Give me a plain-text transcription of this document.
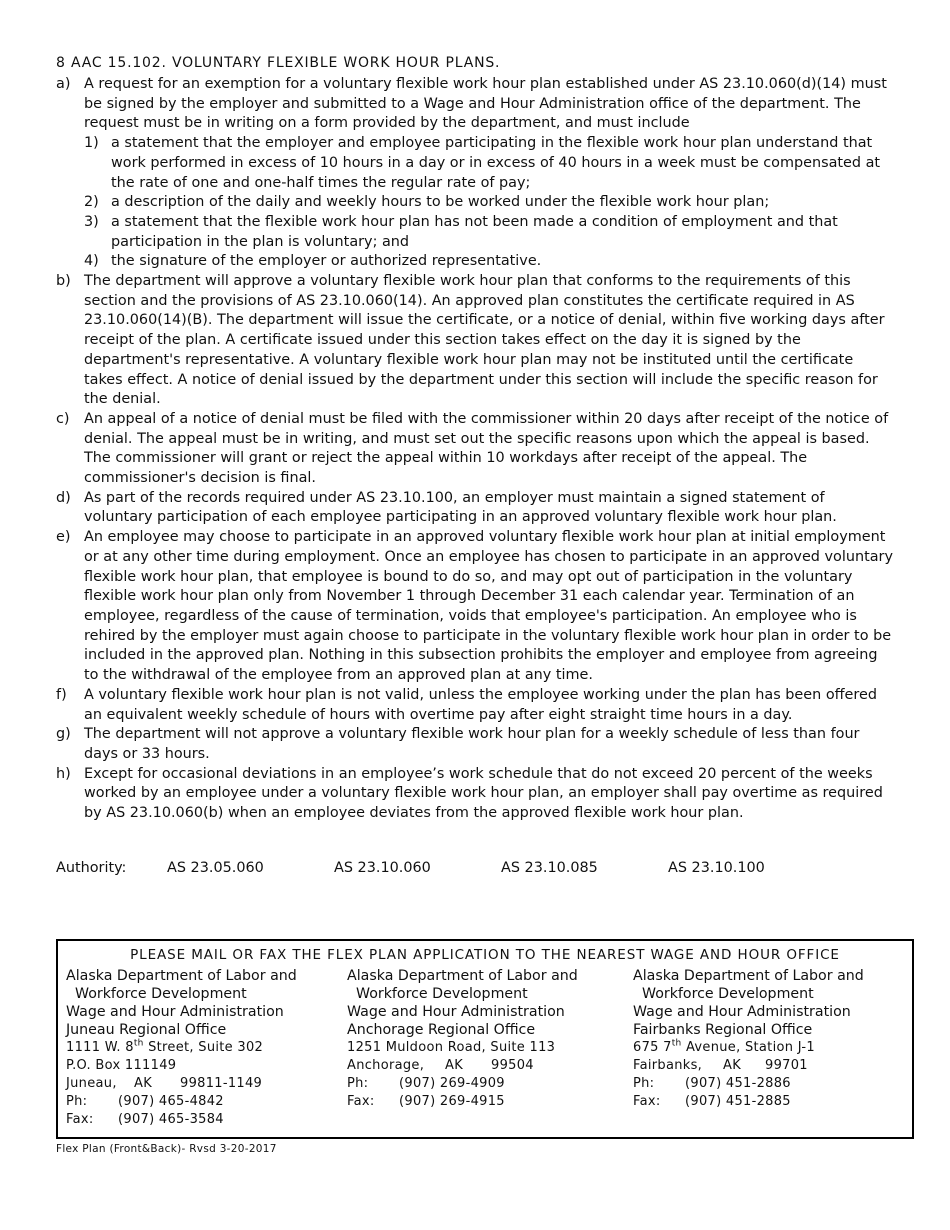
8 AAC 15.102. VOLUNTARY FLEXIBLE WORK HOUR PLANS.
a) A request for an exemption for a voluntary flexible work hour plan established under AS 23.10.060(d)(14) must be signed by the employer and submitted to a Wage and Hour Administration office of the department. The request must be in writing on a form provided by the department, and must include
1) a statement that the employer and employee participating in the flexible work hour plan understand that work performed in excess of 10 hours in a day or in excess of 40 hours in a week must be compensated at the rate of one and one-half times the regular rate of pay;
2) a description of the daily and weekly hours to be worked under the flexible work hour plan;
3) a statement that the flexible work hour plan has not been made a condition of employment and that participation in the plan is voluntary; and
4) the signature of the employer or authorized representative.
b) The department will approve a voluntary flexible work hour plan that conforms to the requirements of this section and the provisions of AS 23.10.060(14). An approved plan constitutes the certificate required in AS 23.10.060(14)(B). The department will issue the certificate, or a notice of denial, within five working days after receipt of the plan. A certificate issued under this section takes effect on the day it is signed by the department's representative. A voluntary flexible work hour plan may not be instituted until the certificate takes effect. A notice of denial issued by the department under this section will include the specific reason for the denial.
c)	An appeal of a notice of denial must be filed with the commissioner within 20 days after receipt of the notice of denial. The appeal must be in writing, and must set out the specific reasons upon which the appeal is based. The commissioner will grant or reject the appeal within 10 workdays after receipt of the appeal. The commissioner's decision is final.
d) As part of the records required under AS 23.10.100, an employer must maintain a signed statement of voluntary participation of each employee participating in an approved voluntary flexible work hour plan.
e) An employee may choose to participate in an approved voluntary flexible work hour plan at initial employment or at any other time during employment. Once an employee has chosen to participate in an approved voluntary flexible work hour plan, that employee is bound to do so, and may opt out of participation in the voluntary flexible work hour plan only from November 1 through December 31 each calendar year. Termination of an employee, regardless of the cause of termination, voids that employee's participation. An employee who is rehired by the employer must again choose to participate in the voluntary flexible work hour plan in order to be included in the approved plan. Nothing in this subsection prohibits the employer and employee from agreeing to the withdrawal of the employee from an approved plan at any time.
f)	A voluntary flexible work hour plan is not valid, unless the employee working under the plan has been offered an equivalent weekly schedule of hours with overtime pay after eight straight time hours in a day.
g) The department will not approve a voluntary flexible work hour plan for a weekly schedule of less than four days or 33 hours.
h) Except for occasional deviations in an employee’s work schedule that do not exceed 20 percent of the weeks worked by an employee under a voluntary flexible work hour plan, an employer shall pay overtime as required by AS 23.10.060(b) when an employee deviates from the approved flexible work hour plan.
Authority:	AS 23.05.060	AS 23.10.060	AS 23.10.085	AS 23.10.100
PLEASE MAIL OR FAX THE FLEX PLAN APPLICATION TO THE NEAREST WAGE AND HOUR OFFICE
Alaska Department of Labor and
Workforce Development
Wage and Hour Administration
Juneau Regional Office
1111 W. 8th Street, Suite 302
P.O. Box 111149
Juneau,	AK	99811-1149
Ph:	(907) 465-4842
Fax:	(907) 465-3584
Alaska Department of Labor and
Workforce Development
Wage and Hour Administration
Anchorage Regional Office
1251 Muldoon Road, Suite 113
Anchorage,	AK	99504
Ph:	(907) 269-4909
Fax:	(907) 269-4915
Alaska Department of Labor and
Workforce Development
Wage and Hour Administration
Fairbanks Regional Office
675 7th Avenue, Station J-1
Fairbanks,	AK	99701
Ph:	(907) 451-2886
Fax:	(907) 451-2885
Flex Plan (Front&Back)- Rvsd 3-20-2017
